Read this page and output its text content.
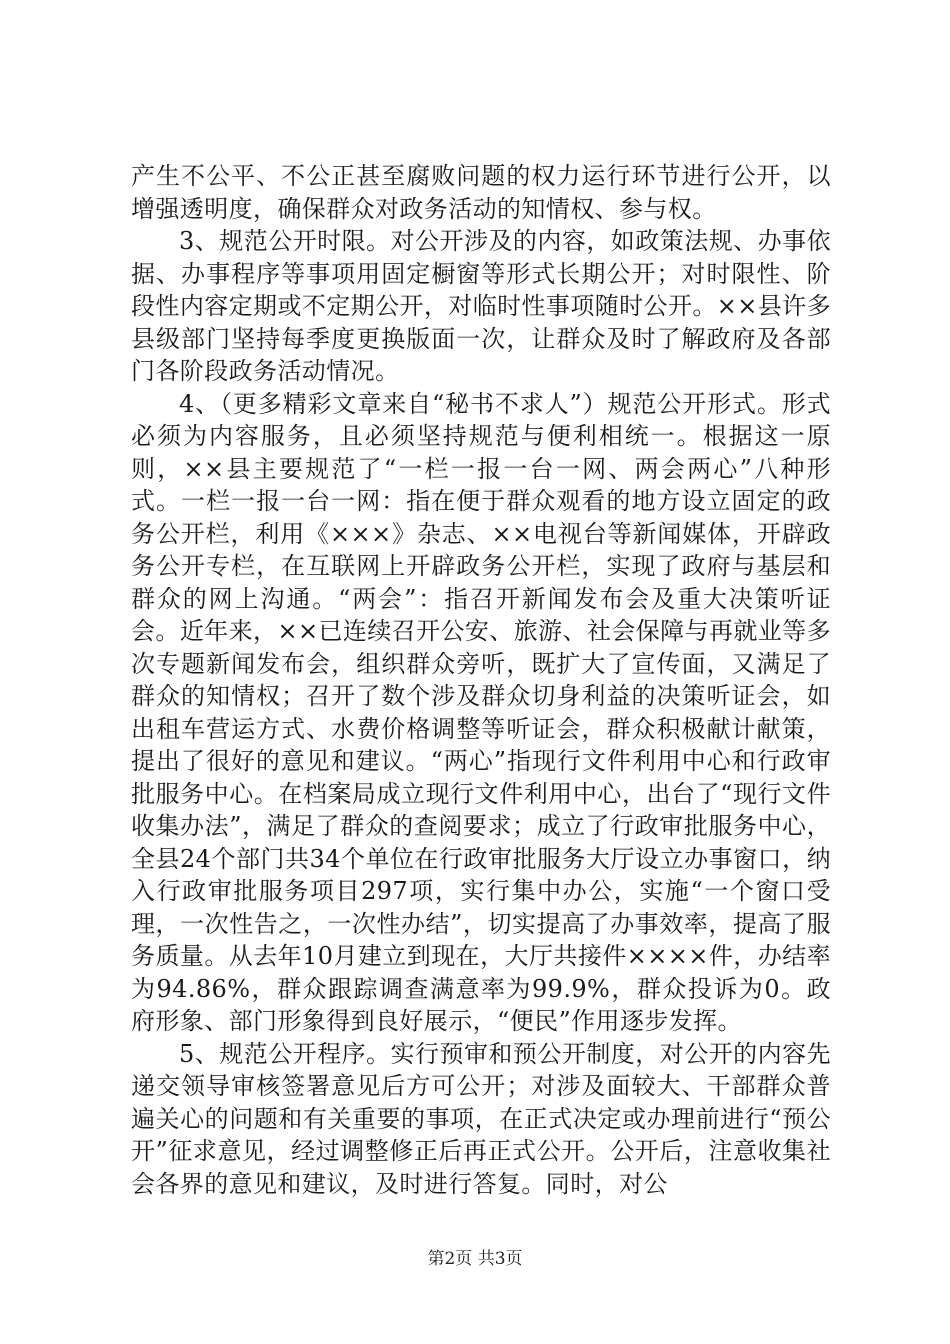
产生不公平、不公正甚至腐败问题的权力运行环节进行公开，以增强透明度，确保群众对政务活动的知情权、参与权。

3、规范公开时限。对公开涉及的内容，如政策法规、办事依据、办事程序等事项用固定橱窗等形式长期公开；对时限性、阶段性内容定期或不定期公开，对临时性事项随时公开。××县许多县级部门坚持每季度更换版面一次，让群众及时了解政府及各部门各阶段政务活动情况。

4、（更多精彩文章来自“秘书不求人”）规范公开形式。形式必须为内容服务，且必须坚持规范与便利相统一。根据这一原则，××县主要规范了“一栏一报一台一网、两会两心”八种形式。一栏一报一台一网：指在便于群众观看的地方设立固定的政务公开栏，利用《×××》杂志、××电视台等新闻媒体，开辟政务公开专栏，在互联网上开辟政务公开栏，实现了政府与基层和群众的网上沟通。“两会”：指召开新闻发布会及重大决策听证会。近年来，××已连续召开公安、旅游、社会保障与再就业等多次专题新闻发布会，组织群众旁听，既扩大了宣传面，又满足了群众的知情权；召开了数个涉及群众切身利益的决策听证会，如出租车营运方式、水费价格调整等听证会，群众积极献计献策，提出了很好的意见和建议。“两心”指现行文件利用中心和行政审批服务中心。在档案局成立现行文件利用中心，出台了“现行文件收集办法”，满足了群众的查阅要求；成立了行政审批服务中心，全县24个部门共34个单位在行政审批服务大厅设立办事窗口，纳入行政审批服务项目297项，实行集中办公，实施“一个窗口受理，一次性告之，一次性办结”，切实提高了办事效率，提高了服务质量。从去年10月建立到现在，大厅共接件××××件，办结率为94.86%，群众跟踪调查满意率为99.9%，群众投诉为0。政府形象、部门形象得到良好展示，“便民”作用逐步发挥。

5、规范公开程序。实行预审和预公开制度，对公开的内容先递交领导审核签署意见后方可公开；对涉及面较大、干部群众普遍关心的问题和有关重要的事项，在正式决定或办理前进行“预公开”征求意见，经过调整修正后再正式公开。公开后，注意收集社会各界的意见和建议，及时进行答复。同时，对公

第2页 共3页
